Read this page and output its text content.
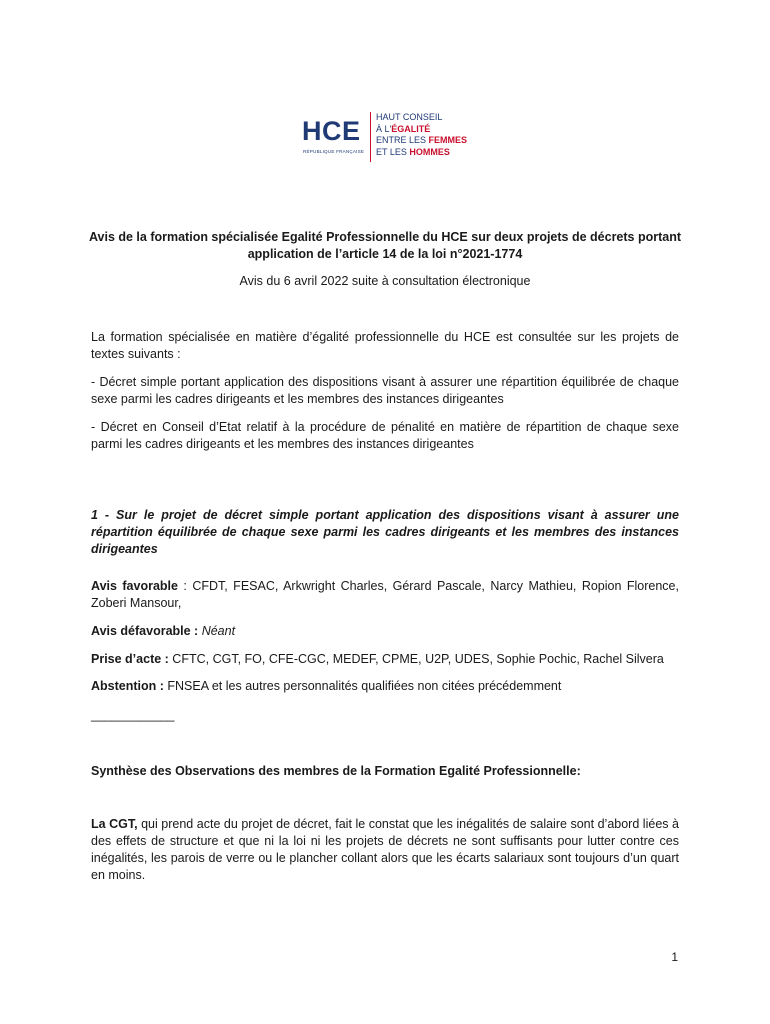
HCE
RÉPUBLIQUE FRANÇAISE
HAUT CONSEIL
À L'ÉGALITÉ
ENTRE LES FEMMES
ET LES HOMMES
Avis de la formation spécialisée Egalité Professionnelle du HCE sur deux projets de décrets portant
application de l’article 14 de la loi n°2021-1774
Avis du 6 avril 2022 suite à consultation électronique
La formation spécialisée en matière d’égalité professionnelle du HCE est consultée sur les projets de textes suivants :
- Décret simple portant application des dispositions visant à assurer une répartition équilibrée de chaque sexe parmi les cadres dirigeants et les membres des instances dirigeantes
- Décret en Conseil d’Etat relatif à la procédure de pénalité en matière de répartition de chaque sexe parmi les cadres dirigeants et les membres des instances dirigeantes
1 - Sur le projet de décret simple portant application des dispositions visant à assurer une répartition équilibrée de chaque sexe parmi les cadres dirigeants et les membres des instances dirigeantes
Avis favorable : CFDT, FESAC, Arkwright Charles, Gérard Pascale, Narcy Mathieu, Ropion Florence, Zoberi Mansour,
Avis défavorable : Néant
Prise d’acte : CFTC, CGT, FO, CFE-CGC, MEDEF, CPME, U2P, UDES, Sophie Pochic, Rachel Silvera
Abstention : FNSEA et les autres personnalités qualifiées non citées précédemment
____________
Synthèse des Observations des membres de la Formation Egalité Professionnelle:
La CGT, qui prend acte du projet de décret, fait le constat que les inégalités de salaire sont d’abord liées à des effets de structure et que ni la loi ni les projets de décrets ne sont suffisants pour lutter contre ces inégalités, les parois de verre ou le plancher collant alors que les écarts salariaux sont toujours d’un quart en moins.
1
